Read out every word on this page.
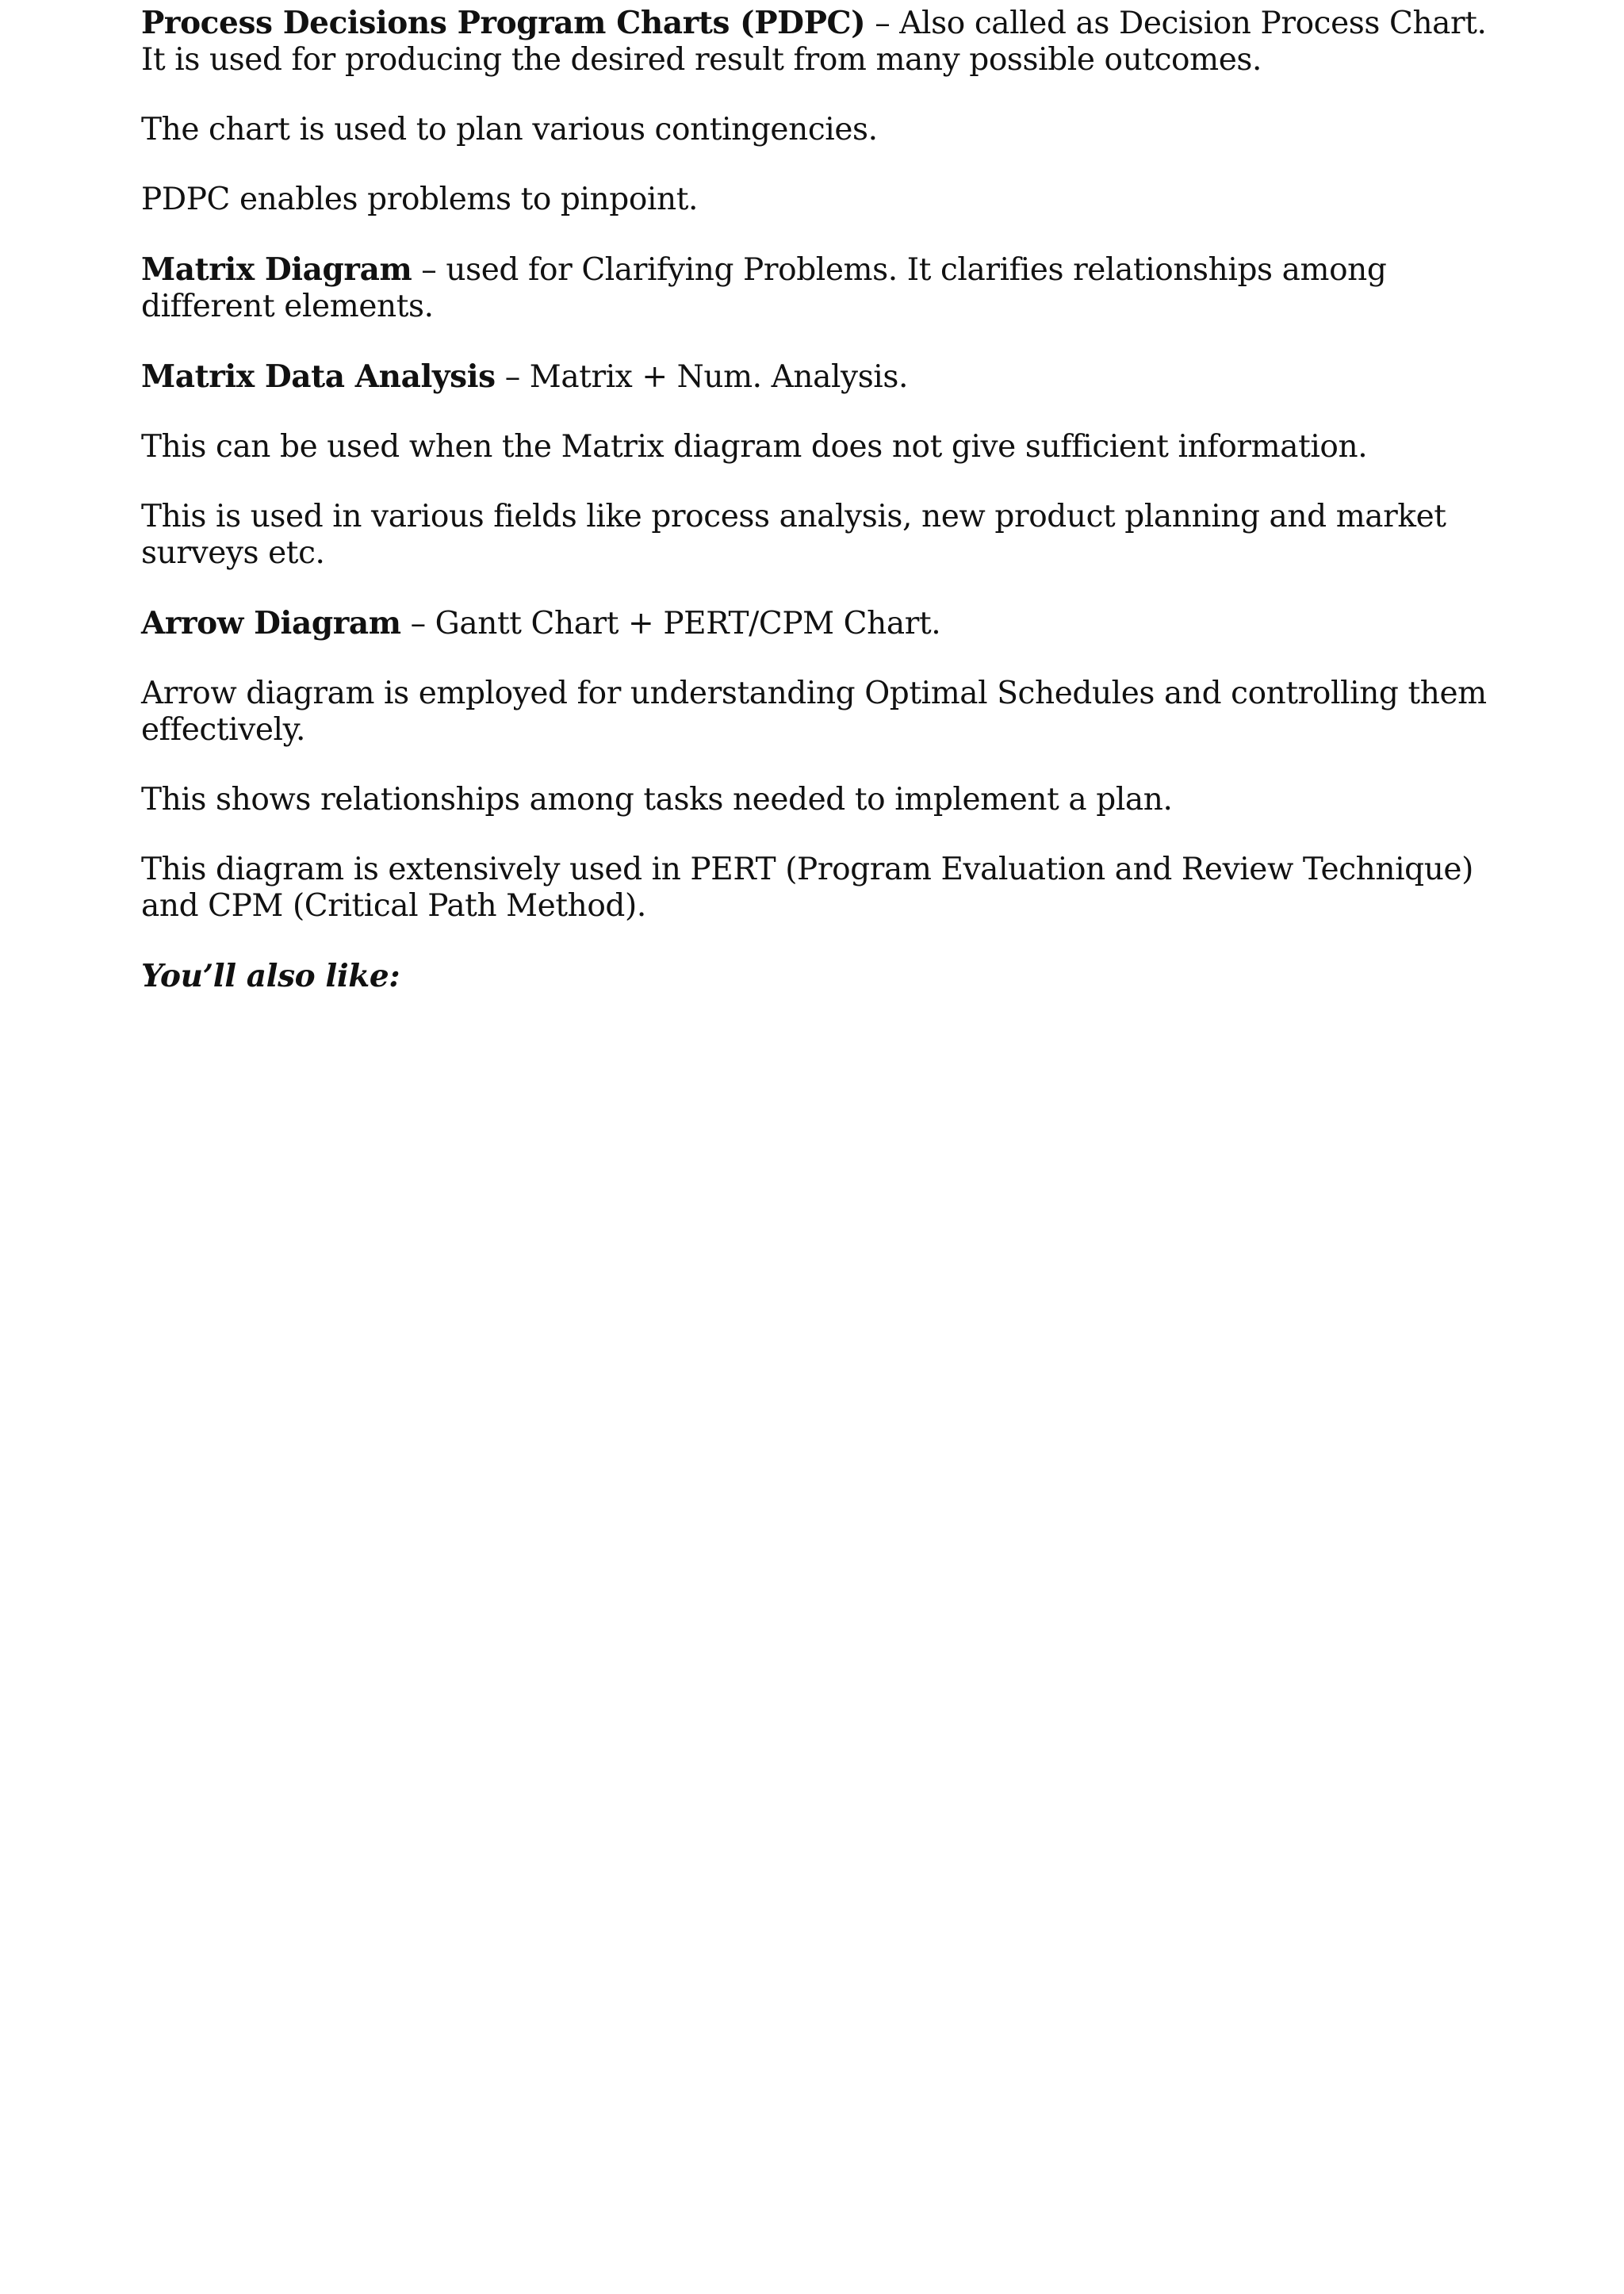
Process Decisions Program Charts (PDPC) – Also called as Decision Process Chart. It is used for producing the desired result from many possible outcomes.

The chart is used to plan various contingencies.

PDPC enables problems to pinpoint.

Matrix Diagram – used for Clarifying Problems. It clarifies relationships among different elements.

Matrix Data Analysis – Matrix + Num. Analysis.

This can be used when the Matrix diagram does not give sufficient information.

This is used in various fields like process analysis, new product planning and market surveys etc.

Arrow Diagram – Gantt Chart + PERT/CPM Chart.

Arrow diagram is employed for understanding Optimal Schedules and controlling them effectively.

This shows relationships among tasks needed to implement a plan.

This diagram is extensively used in PERT (Program Evaluation and Review Technique) and CPM (Critical Path Method).

You’ll also like:
